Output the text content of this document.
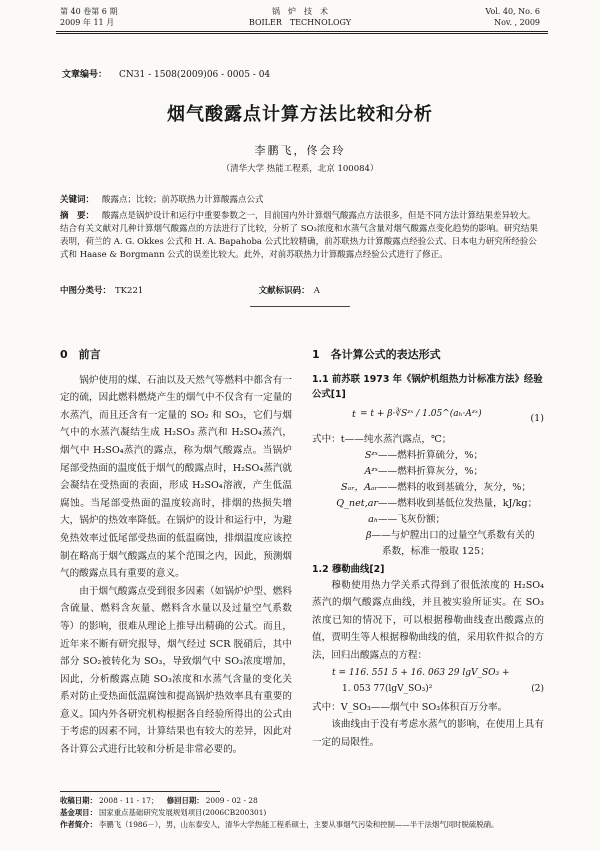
第 40 卷第 6 期
2009 年 11 月
锅　炉　技　术
BOILER　TECHNOLOGY
Vol. 40, No. 6
Nov. , 2009
文章编号： CN31 - 1508(2009)06 - 0005 - 04
烟气酸露点计算方法比较和分析
李鹏飞，佟会玲
（清华大学 热能工程系，北京 100084）
关键词： 酸露点；比较；前苏联热力计算酸露点公式
摘　要： 酸露点是锅炉设计和运行中重要参数之一，目前国内外计算烟气酸露点方法很多，但是不同方法计算结果差异较大。结合有关文献对几种计算烟气酸露点的方法进行了比较，分析了 SO₃浓度和水蒸气含量对烟气酸露点变化趋势的影响。研究结果表明，荷兰的 A. G. Okkes 公式和 H. A. Bapahoba 公式比较精确，前苏联热力计算酸露点经验公式、日本电力研究所经验公式和 Haase & Borgmann 公式的误差比较大。此外，对前苏联热力计算酸露点经验公式进行了修正。
中图分类号： TK221	文献标识码： A
0　前言

锅炉使用的煤、石油以及天然气等燃料中都含有一定的硫，因此燃料燃烧产生的烟气中不仅含有一定量的水蒸汽，而且还含有一定量的 SO₂ 和 SO₃，它们与烟气中的水蒸汽凝结生成 H₂SO₃ 蒸汽和 H₂SO₄蒸汽，烟气中 H₂SO₄蒸汽的露点，称为烟气酸露点。当锅炉尾部受热面的温度低于烟气的酸露点时，H₂SO₄蒸汽就会凝结在受热面的表面，形成 H₂SO₄溶液，产生低温腐蚀。当尾部受热面的温度较高时，排烟的热损失增大，锅炉的热效率降低。在锅炉的设计和运行中，为避免热效率过低尾部受热面的低温腐蚀，排烟温度应该控制在略高于烟气酸露点的某个范围之内，因此，预测烟气的酸露点具有重要的意义。

由于烟气酸露点受到很多因素（如锅炉炉型、燃料含硫量、燃料含灰量、燃料含水量以及过量空气系数等）的影响，很难从理论上推导出精确的公式。而且，近年来不断有研究报导，烟气经过 SCR 脱硝后，其中部分 SO₂被转化为 SO₃，导致烟气中 SO₃浓度增加，因此，分析酸露点随 SO₃浓度和水蒸气含量的变化关系对防止受热面低温腐蚀和提高锅炉热效率具有重要的意义。国内外各研究机构根据各自经验所得出的公式由于考虑的因素不同，计算结果也有较大的差异，因此对各计算公式进行比较和分析是非常必要的。

1　各计算公式的表达形式
1.1 前苏联 1973 年《锅炉机组热力计标准方法》经验公式[1]
t = t + β·∛Sᶻˣ / 1.05^(aₕ·Aᶻˣ)	(1)
式中：t——纯水蒸汽露点，℃；
Sᶻˣ——燃料折算硫分，%；
Aᶻˣ——燃料折算灰分，%；
Sₐᵣ，Aₐᵣ——燃料的收到基硫分，灰分，%；
Q_net,ar——燃料收到基低位发热量，kJ/kg；
aₕ——飞灰份额；
β——与炉膛出口的过量空气系数有关的系数，标准一般取 125；
1.2 穆勒曲线[2]

穆勒使用热力学关系式得到了很低浓度的 H₂SO₄蒸汽的烟气酸露点曲线，并且被实验所证实。在 SO₃浓度已知的情况下，可以根据穆勒曲线查出酸露点的值，贾明生等人根据穆勒曲线的值，采用软件拟合的方法，回归出酸露点的方程：

t = 116. 551 5 + 16. 063 29 lgV_SO₃ +
1. 053 77(lgV_SO₃)²	(2)
式中：V_SO₃——烟气中 SO₃体积百万分率。

该曲线由于没有考虑水蒸气的影响，在使用上具有一定的局限性。

收稿日期： 2008 - 11 - 17； 修回日期： 2009 - 02 - 28
基金项目： 国家重点基础研究发展规划项目(2006CB200301)
作者简介： 李鹏飞（1986－），男，山东泰安人，清华大学热能工程系硕士，主要从事烟气污染和控制——半干法烟气同时脱硫脱硝。
